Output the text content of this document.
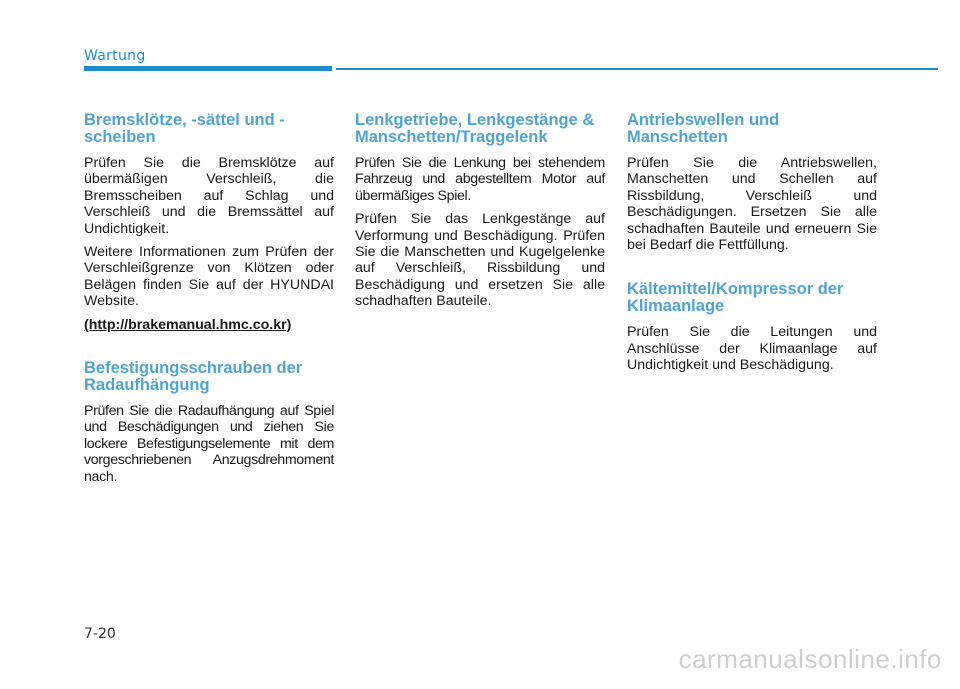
Wartung
Bremsklötze, -sättel und -scheiben

Prüfen Sie die Bremsklötze auf übermäßigen Verschleiß, die Bremsscheiben auf Schlag und Verschleiß und die Bremssättel auf Undichtigkeit.

Weitere Informationen zum Prüfen der Verschleißgrenze von Klötzen oder Belägen finden Sie auf der HYUNDAI Website.

(http://brakemanual.hmc.co.kr)
Befestigungsschrauben der Radaufhängung

Prüfen Sie die Radaufhängung auf Spiel und Beschädigungen und ziehen Sie lockere Befestigungselemente mit dem vorgeschriebenen Anzugsdrehmoment nach.

Lenkgetriebe, Lenkgestänge & Manschetten/Traggelenk

Prüfen Sie die Lenkung bei stehendem Fahrzeug und abgestelltem Motor auf übermäßiges Spiel.

Prüfen Sie das Lenkgestänge auf Verformung und Beschädigung. Prüfen Sie die Manschetten und Kugelgelenke auf Verschleiß, Rissbildung und Beschädigung und ersetzen Sie alle schadhaften Bauteile.

Antriebswellen und Manschetten

Prüfen Sie die Antriebswellen, Manschetten und Schellen auf Rissbildung, Verschleiß und Beschädigungen. Ersetzen Sie alle schadhaften Bauteile und erneuern Sie bei Bedarf die Fettfüllung.

Kältemittel/Kompressor der Klimaanlage

Prüfen Sie die Leitungen und Anschlüsse der Klimaanlage auf Undichtigkeit und Beschädigung.

7-20
carmanualsonline.info
